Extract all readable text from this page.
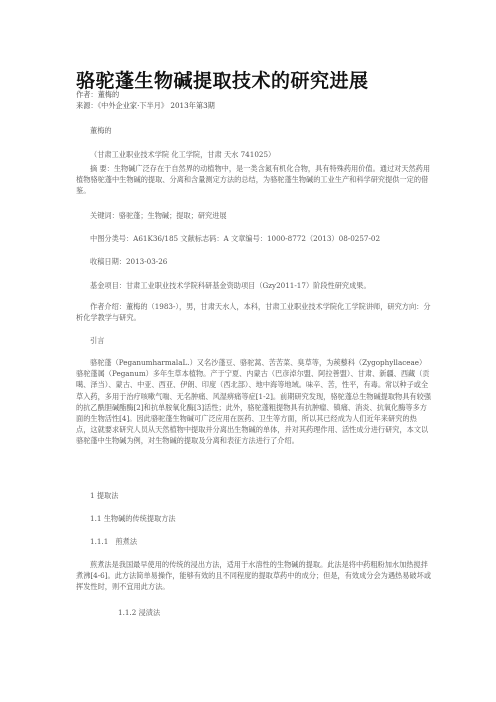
骆驼蓬生物碱提取技术的研究进展
作者：董梅的
来源：《中外企业家·下半月》 2013年第3期
董梅的
（甘肃工业职业技术学院 化工学院，甘肃 天水 741025）
摘 要：生物碱广泛存在于自然界的动植物中，是一类含氮有机化合物，具有特殊药用价值。通过对天然药用植物骆驼蓬中生物碱的提取、分离和含量测定方法的总结，为骆驼蓬生物碱的工业生产和科学研究提供一定的借鉴。
关键词：骆驼蓬；生物碱；提取；研究进展
中图分类号：A61K36/185 文献标志码：A 文章编号：1000-8772（2013）08-0257-02
收稿日期：2013-03-26
基金项目：甘肃工业职业技术学院科研基金资助项目（Gzy2011-17）阶段性研究成果。
作者介绍：董梅的（1983-），男，甘肃天水人，本科，甘肃工业职业技术学院化工学院讲师，研究方向：分析化学教学与研究。
引言
骆驼蓬（PeganumharmalaL.）又名沙蓬豆、骆驼蒿、苦苦菜、臭草等，为蒺藜科（Zygophyllaceae）骆驼蓬属（Peganum）多年生草本植物。产于宁夏、内蒙古（巴彦淖尔盟、阿拉善盟）、甘肃、新疆、西藏（贡噶、泽当）、蒙古、中亚、西亚、伊朗、印度（西北部）、地中海等地域。味辛、苦，性平，有毒。常以种子或全草入药，多用于治疗咳嗽气喘、无名肿痛、风湿痹痛等症[1-2]。前期研究发现，骆驼蓬总生物碱提取物具有较强的抗乙酰胆碱酯酶[2]和抗单胺氧化酶[3]活性；此外，骆驼蓬粗提物具有抗肿瘤、镇痛、消炎、抗氧化酶等多方面的生物活性[4]。因此骆驼蓬生物碱可广泛应用在医药、卫生等方面，所以其已经成为人们近年来研究的热点，这就要求研究人员从天然植物中提取并分离出生物碱的单体，并对其药理作用、活性成分进行研究，本文以骆驼蓬中生物碱为例，对生物碱的提取及分离和表征方法进行了介绍。
1 提取法
1.1 生物碱的传统提取方法
1.1.1　煎煮法
煎煮法是我国最早使用的传统的浸出方法，适用于水溶性的生物碱的提取。此法是将中药粗粉加水加热搅拌煮沸[4-6]。此方法简单易操作，能够有效的且不同程度的提取草药中的成分；但是，有效成分会为遇热易破坏或挥发性时，则不宜用此方法。
1.1.2 浸渍法
